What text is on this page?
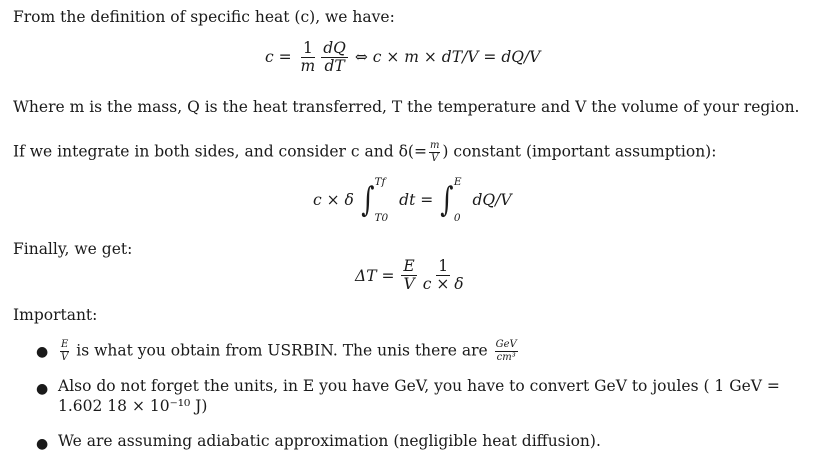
From the definition of specific heat (c), we have:
$c = \frac{1}{m} \frac{dQ}{dT}$ ⇔ c × m × dT/V = dQ/V
Where m is the mass, Q is the heat transferred, T the temperature and V the volume of your region.
If we integrate in both sides, and consider c and $\delta(= \frac{m}{V}$ ) constant (important assumption):
c × δ ∫ Tf
T0
dt = ∫ E
0
dQ/V
Finally, we get:
$\Delta T = \frac{E}{V} \frac{1}{c \times \delta}$
Important:
● $\frac{E}{V}$ is what you obtain from USRBIN. The unis there are $\frac{\text{GeV}}{\text{cm³}}$
● Also do not forget the units, in E you have GeV, you have to convert GeV to joules ( 1 GeV =
1.602 18 × 10⁻¹⁰ J)
● We are assuming adiabatic approximation (negligible heat diffusion).
